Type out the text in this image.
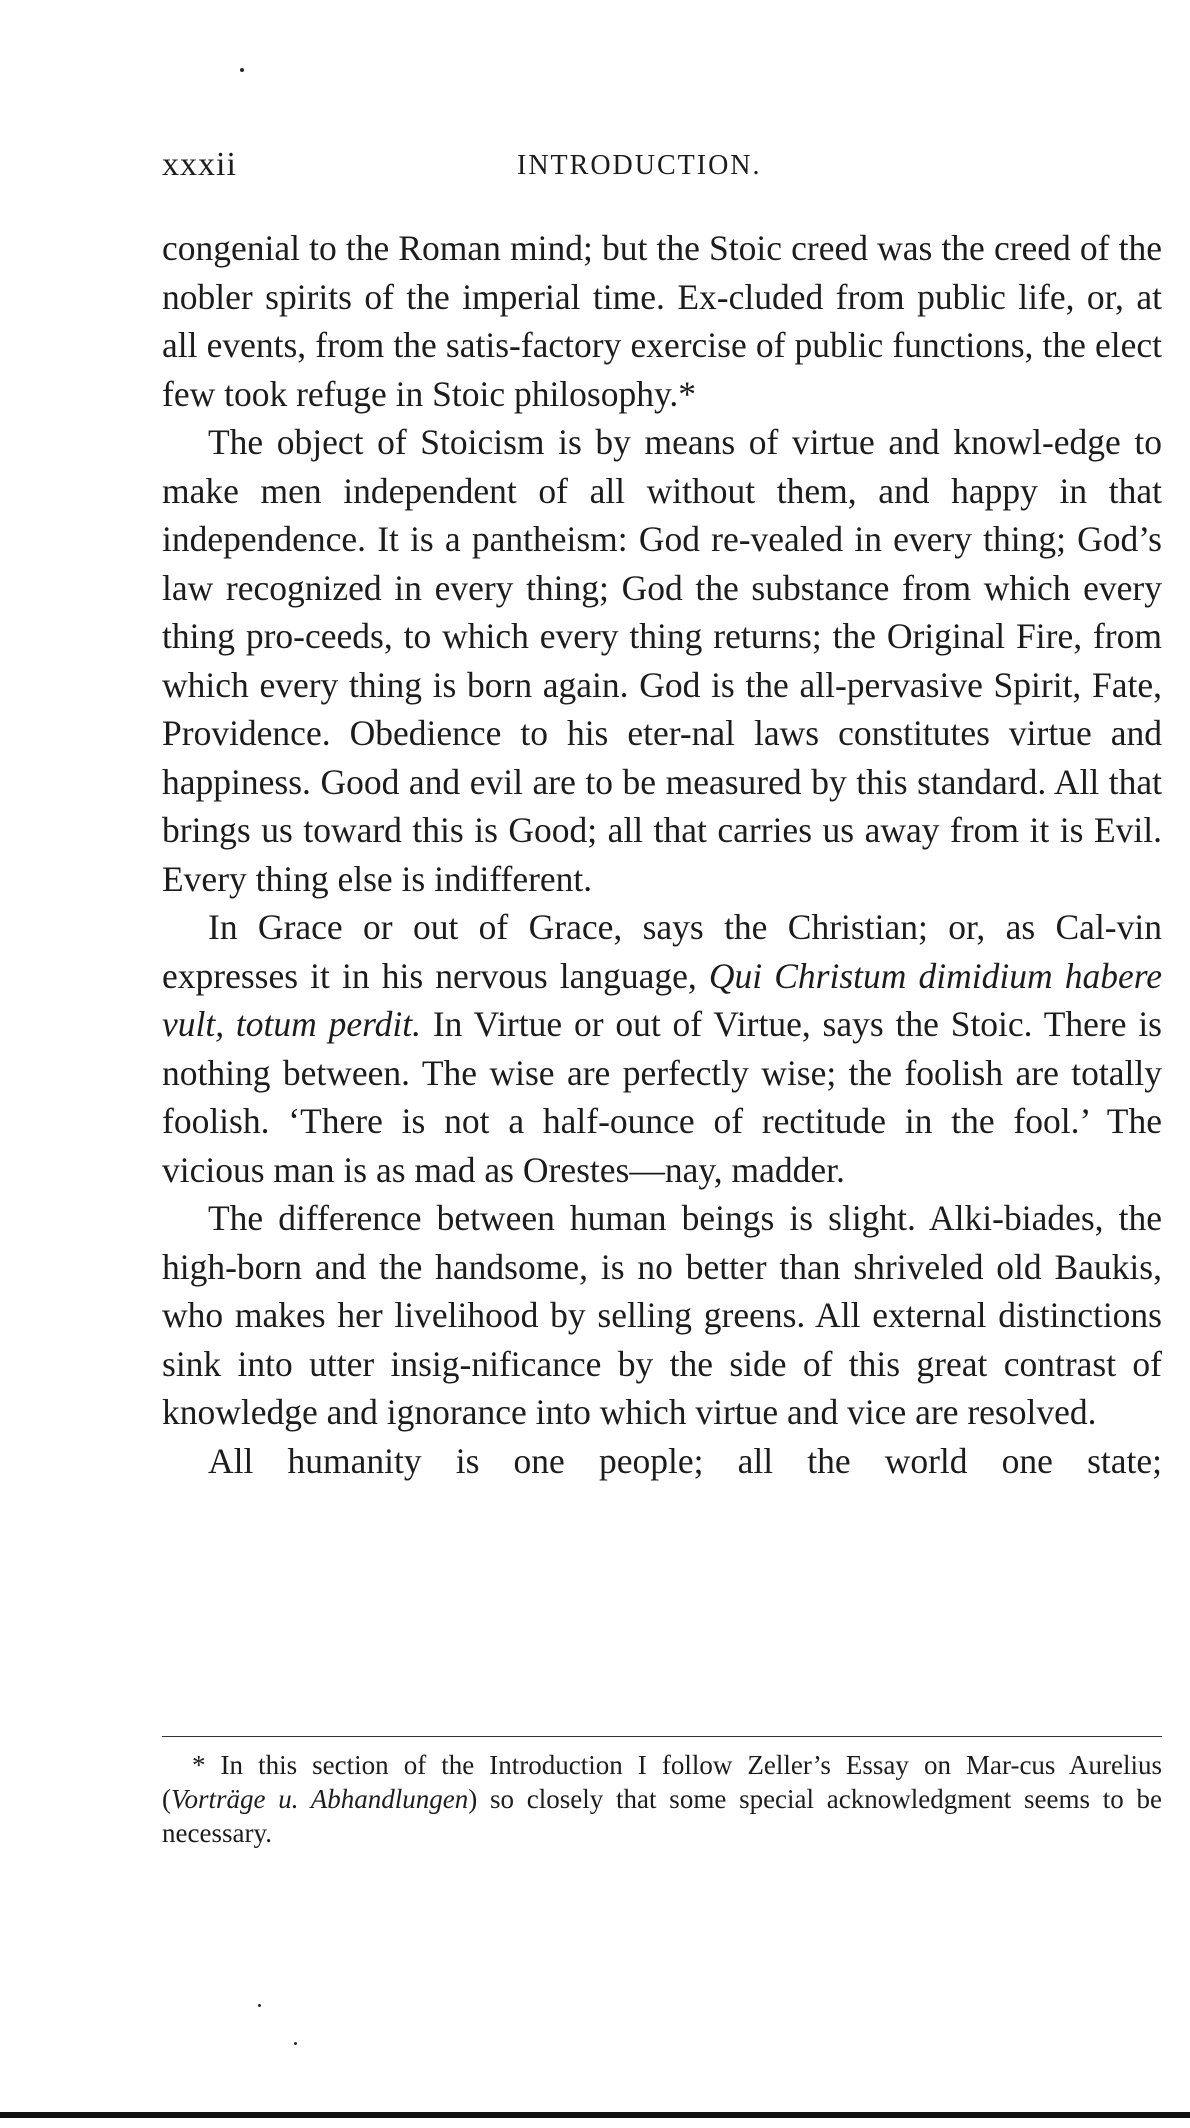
xxxii	INTRODUCTION.

congenial to the Roman mind; but the Stoic creed was the creed of the nobler spirits of the imperial time. Ex-cluded from public life, or, at all events, from the satis-factory exercise of public functions, the elect few took refuge in Stoic philosophy.*

The object of Stoicism is by means of virtue and knowl-edge to make men independent of all without them, and happy in that independence. It is a pantheism: God re-vealed in every thing; God’s law recognized in every thing; God the substance from which every thing pro-ceeds, to which every thing returns; the Original Fire, from which every thing is born again. God is the all-pervasive Spirit, Fate, Providence. Obedience to his eter-nal laws constitutes virtue and happiness. Good and evil are to be measured by this standard. All that brings us toward this is Good; all that carries us away from it is Evil. Every thing else is indifferent.

In Grace or out of Grace, says the Christian; or, as Cal-vin expresses it in his nervous language, Qui Christum dimidium habere vult, totum perdit. In Virtue or out of Virtue, says the Stoic. There is nothing between. The wise are perfectly wise; the foolish are totally foolish. ‘There is not a half-ounce of rectitude in the fool.’ The vicious man is as mad as Orestes—nay, madder.

The difference between human beings is slight. Alki-biades, the high-born and the handsome, is no better than shriveled old Baukis, who makes her livelihood by selling greens. All external distinctions sink into utter insig-nificance by the side of this great contrast of knowledge and ignorance into which virtue and vice are resolved.

All humanity is one people; all the world one state;

* In this section of the Introduction I follow Zeller’s Essay on Mar-cus Aurelius (Vorträge u. Abhandlungen) so closely that some special acknowledgment seems to be necessary.
